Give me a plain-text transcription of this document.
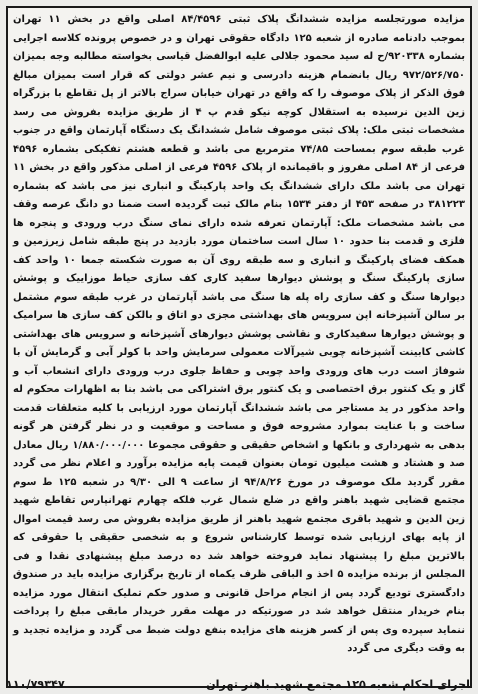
مزایده صورتجلسه مزایده ششدانگ پلاک ثبتی ۸۴/۴۵۹۶ اصلی واقع در بخش ۱۱ تهران بموجب دادنامه صادره از شعبه ۱۲۵ دادگاه حقوقی تهران و در خصوص پرونده کلاسه اجرایی بشماره ۹۲۰۳۳۸/ح له سید محمود جلالی علیه ابوالفضل قیاسی بخواسته مطالبه وجه بمیزان ۹۷۲/۵۲۶/۷۵۰ ریال بانضمام هزینه دادرسی و نیم عشر دولتی که قرار است بمیزان مبالغ فوق الذکر از پلاک موصوف را که واقع در تهران خیابان سراج بالاتر از پل تقاطع با بزرگراه زین الدین نرسیده به استقلال کوچه نیکو قدم پ ۴ از طریق مزایده بفروش می رسد مشخصات ثبتی ملک: پلاک ثبتی موصوف شامل ششدانگ یک دستگاه آپارتمان واقع در جنوب غرب طبقه سوم بمساحت ۷۴/۸۵ مترمربع می باشد و قطعه هشتم تفکیکی بشماره ۴۵۹۶ فرعی از ۸۴ اصلی مفروز و باقیمانده از پلاک ۴۵۹۶ فرعی از اصلی مذکور واقع در بخش ۱۱ تهران می باشد ملک دارای ششدانگ یک واحد پارکینگ و انباری نیز می باشد که بشماره ۳۸۱۲۲۳ در صفحه ۴۵۳ از دفتر ۱۵۳۴ بنام مالک ثبت گردیده است ضمنا دو دانگ عرصه وقف می باشد مشخصات ملک: آپارتمان تعرفه شده دارای نمای سنگ درب ورودی و پنجره ها فلزی و قدمت بنا حدود ۱۰ سال است ساختمان مورد بازدید در پنج طبقه شامل زیرزمین و همکف فضای پارکینگ و انباری و سه طبقه روی آن به صورت شکسته جمعا ۱۰ واحد کف سازی پارکینگ سنگ و پوشش دیوارها سفید کاری کف سازی حیاط موزاییک و پوشش دیوارها سنگ و کف سازی راه پله ها سنگ می باشد آپارتمان در غرب طبقه سوم مشتمل بر سالن آشپزخانه اپن سرویس های بهداشتی مجزی دو اتاق و بالکن کف سازی ها سرامیک و پوشش دیوارها سفیدکاری و نقاشی پوشش دیوارهای آشپزخانه و سرویس های بهداشتی کاشی کابینت آشپزخانه چوبی شیرآلات معمولی سرمایش واحد با کولر آبی و گرمایش آن با شوفاژ است درب های ورودی واحد چوبی و حفاظ جلوی درب ورودی دارای انشعاب آب و گاز و یک کنتور برق اختصاصی و یک کنتور برق اشتراکی می باشد بنا به اظهارات محکوم له واحد مذکور در ید مستاجر می باشد ششدانگ آپارتمان مورد ارزیابی با کلیه متعلقات قدمت ساخت و با عنایت بموارد مشروحه فوق و مساحت و موقعیت و در نظر گرفتن هر گونه بدهی به شهرداری و بانکها و اشخاص حقیقی و حقوقی مجموعا ۱/۸۸۰/۰۰۰/۰۰۰ ریال معادل صد و هشتاد و هشت میلیون تومان بعنوان قیمت پایه مزایده برآورد و اعلام نظر می گردد مقرر گردید ملک موصوف در مورخ ۹۴/۸/۲۶ از ساعت ۹ الی ۹/۳۰ در شعبه ۱۲۵ ط سوم مجتمع قضایی شهید باهنر واقع در ضلع شمال غرب فلکه چهارم تهرانپارس تقاطع شهید زین الدین و شهید باقری مجتمع شهید باهنر از طریق مزایده بفروش می رسد قیمت اموال از پایه بهای ارزیابی شده توسط کارشناس شروع و به شخصی حقیقی یا حقوقی که بالاترین مبلغ را پیشنهاد نماید فروخته خواهد شد ده درصد مبلغ پیشنهادی نقدا و فی المجلس از برنده مزایده ۵ اخذ و الباقی ظرف یکماه از تاریخ برگزاری مزایده باید در صندوق دادگستری تودیع گردد پس از انجام مراحل قانونی و صدور حکم تملیک انتقال مورد مزایده بنام خریدار منتقل خواهد شد در صورتیکه در مهلت مقرر خریدار مابقی مبلغ را پرداخت ننماید سپرده وی پس از کسر هزینه های مزایده بنفع دولت ضبط می گردد و مزایده تجدید و به وقت دیگری می گردد

۱۱۰/۷۹۳۴۷	اجرای احکام شعبه ۱۲۵ مجتمع شهید باهنر تهران
